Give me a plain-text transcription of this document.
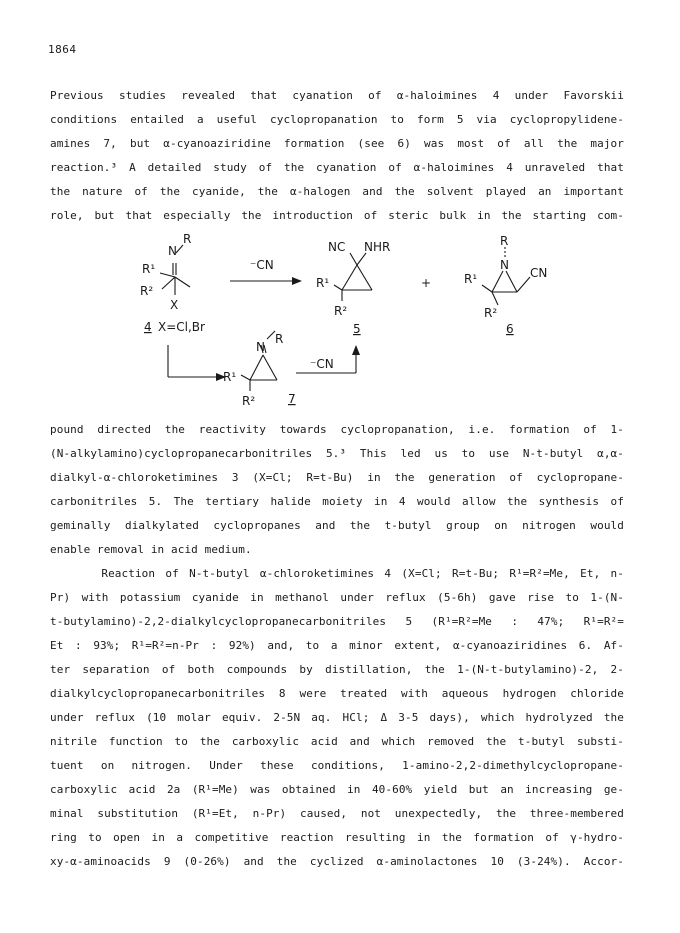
1864
Previous studies revealed that cyanation of α-haloimines 4 under Favorskii
conditions entailed a useful cyclopropanation to form 5 via cyclopropylidene-
amines 7, but α-cyanoaziridine formation (see 6) was most of all the major
reaction.³ A detailed study of the cyanation of α-haloimines 4 unraveled that
the nature of the cyanide, the α-halogen and the solvent played an important
role, but that especially the introduction of steric bulk in the starting com-
N
R
R¹
R²
X
4 X=Cl,Br
⁻CN
NC NHR
R¹
R²
5
+
R
N
R¹	CN
R²
6
N
R
R¹
R²	7
⁻CN
pound directed the reactivity towards cyclopropanation, i.e. formation of 1-
(N-alkylamino)cyclopropanecarbonitriles 5.³ This led us to use N-t-butyl α,α-
dialkyl-α-chloroketimines 3 (X=Cl; R=t-Bu) in the generation of cyclopropane-
carbonitriles 5. The tertiary halide moiety in 4 would allow the synthesis of
geminally dialkylated cyclopropanes and the t-butyl group on nitrogen would
enable removal in acid medium.
Reaction of N-t-butyl α-chloroketimines 4 (X=Cl; R=t-Bu; R¹=R²=Me, Et, n-
Pr) with potassium cyanide in methanol under reflux (5-6h) gave rise to 1-(N-
t-butylamino)-2,2-dialkylcyclopropanecarbonitriles 5 (R¹=R²=Me : 47%; R¹=R²=
Et : 93%; R¹=R²=n-Pr : 92%) and, to a minor extent, α-cyanoaziridines 6. Af-
ter separation of both compounds by distillation, the 1-(N-t-butylamino)-2, 2-
dialkylcyclopropanecarbonitriles 8 were treated with aqueous hydrogen chloride
under reflux (10 molar equiv. 2-5N aq. HCl; Δ 3-5 days), which hydrolyzed the
nitrile function to the carboxylic acid and which removed the t-butyl substi-
tuent on nitrogen. Under these conditions, 1-amino-2,2-dimethylcyclopropane-
carboxylic acid 2a (R¹=Me) was obtained in 40-60% yield but an increasing ge-
minal substitution (R¹=Et, n-Pr) caused, not unexpectedly, the three-membered
ring to open in a competitive reaction resulting in the formation of γ-hydro-
xy-α-aminoacids 9 (0-26%) and the cyclized α-aminolactones 10 (3-24%). Accor-
